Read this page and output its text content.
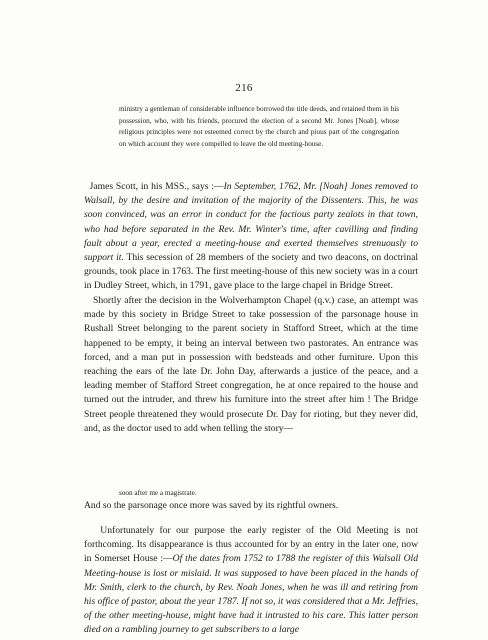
216
ministry a gentleman of considerable influence borrowed the title deeds, and retained them in his possession, who, with his friends, procured the election of a second Mr. Jones [Noah], whose religious principles were not esteemed correct by the church and pious part of the congregation on which account they were compelled to leave the old meeting-house.
James Scott, in his MSS., says :—In September, 1762, Mr. [Noah] Jones removed to Walsall, by the desire and invitation of the majority of the Dissenters. This, he was soon convinced, was an error in conduct for the factious party zealots in that town, who had before separated in the Rev. Mr. Winter's time, after cavilling and finding fault about a year, erected a meeting-house and exerted themselves strenuously to support it. This secession of 28 members of the society and two deacons, on doctrinal grounds, took place in 1763. The first meeting-house of this new society was in a court in Dudley Street, which, in 1791, gave place to the large chapel in Bridge Street.
Shortly after the decision in the Wolverhampton Chapel (q.v.) case, an attempt was made by this society in Bridge Street to take possession of the parsonage house in Rushall Street belonging to the parent society in Stafford Street, which at the time happened to be empty, it being an interval between two pastorates. An entrance was forced, and a man put in possession with bedsteads and other furniture. Upon this reaching the ears of the late Dr. John Day, afterwards a justice of the peace, and a leading member of Stafford Street congregation, he at once repaired to the house and turned out the intruder, and threw his furniture into the street after him ! The Bridge Street people threatened they would prosecute Dr. Day for rioting, but they never did, and, as the doctor used to add when telling the story—
soon after me a magistrate.
And so the parsonage once more was saved by its rightful owners.
Unfortunately for our purpose the early register of the Old Meeting is not forthcoming. Its disappearance is thus accounted for by an entry in the later one, now in Somerset House :—Of the dates from 1752 to 1788 the register of this Walsall Old Meeting-house is lost or mislaid. It was supposed to have been placed in the hands of Mr. Smith, clerk to the church, by Rev. Noah Jones, when he was ill and retiring from his office of pastor, about the year 1787. If not so, it was considered that a Mr. Jeffries, of the other meeting-house, might have had it intrusted to his care. This latter person died on a rambling journey to get subscribers to a large
